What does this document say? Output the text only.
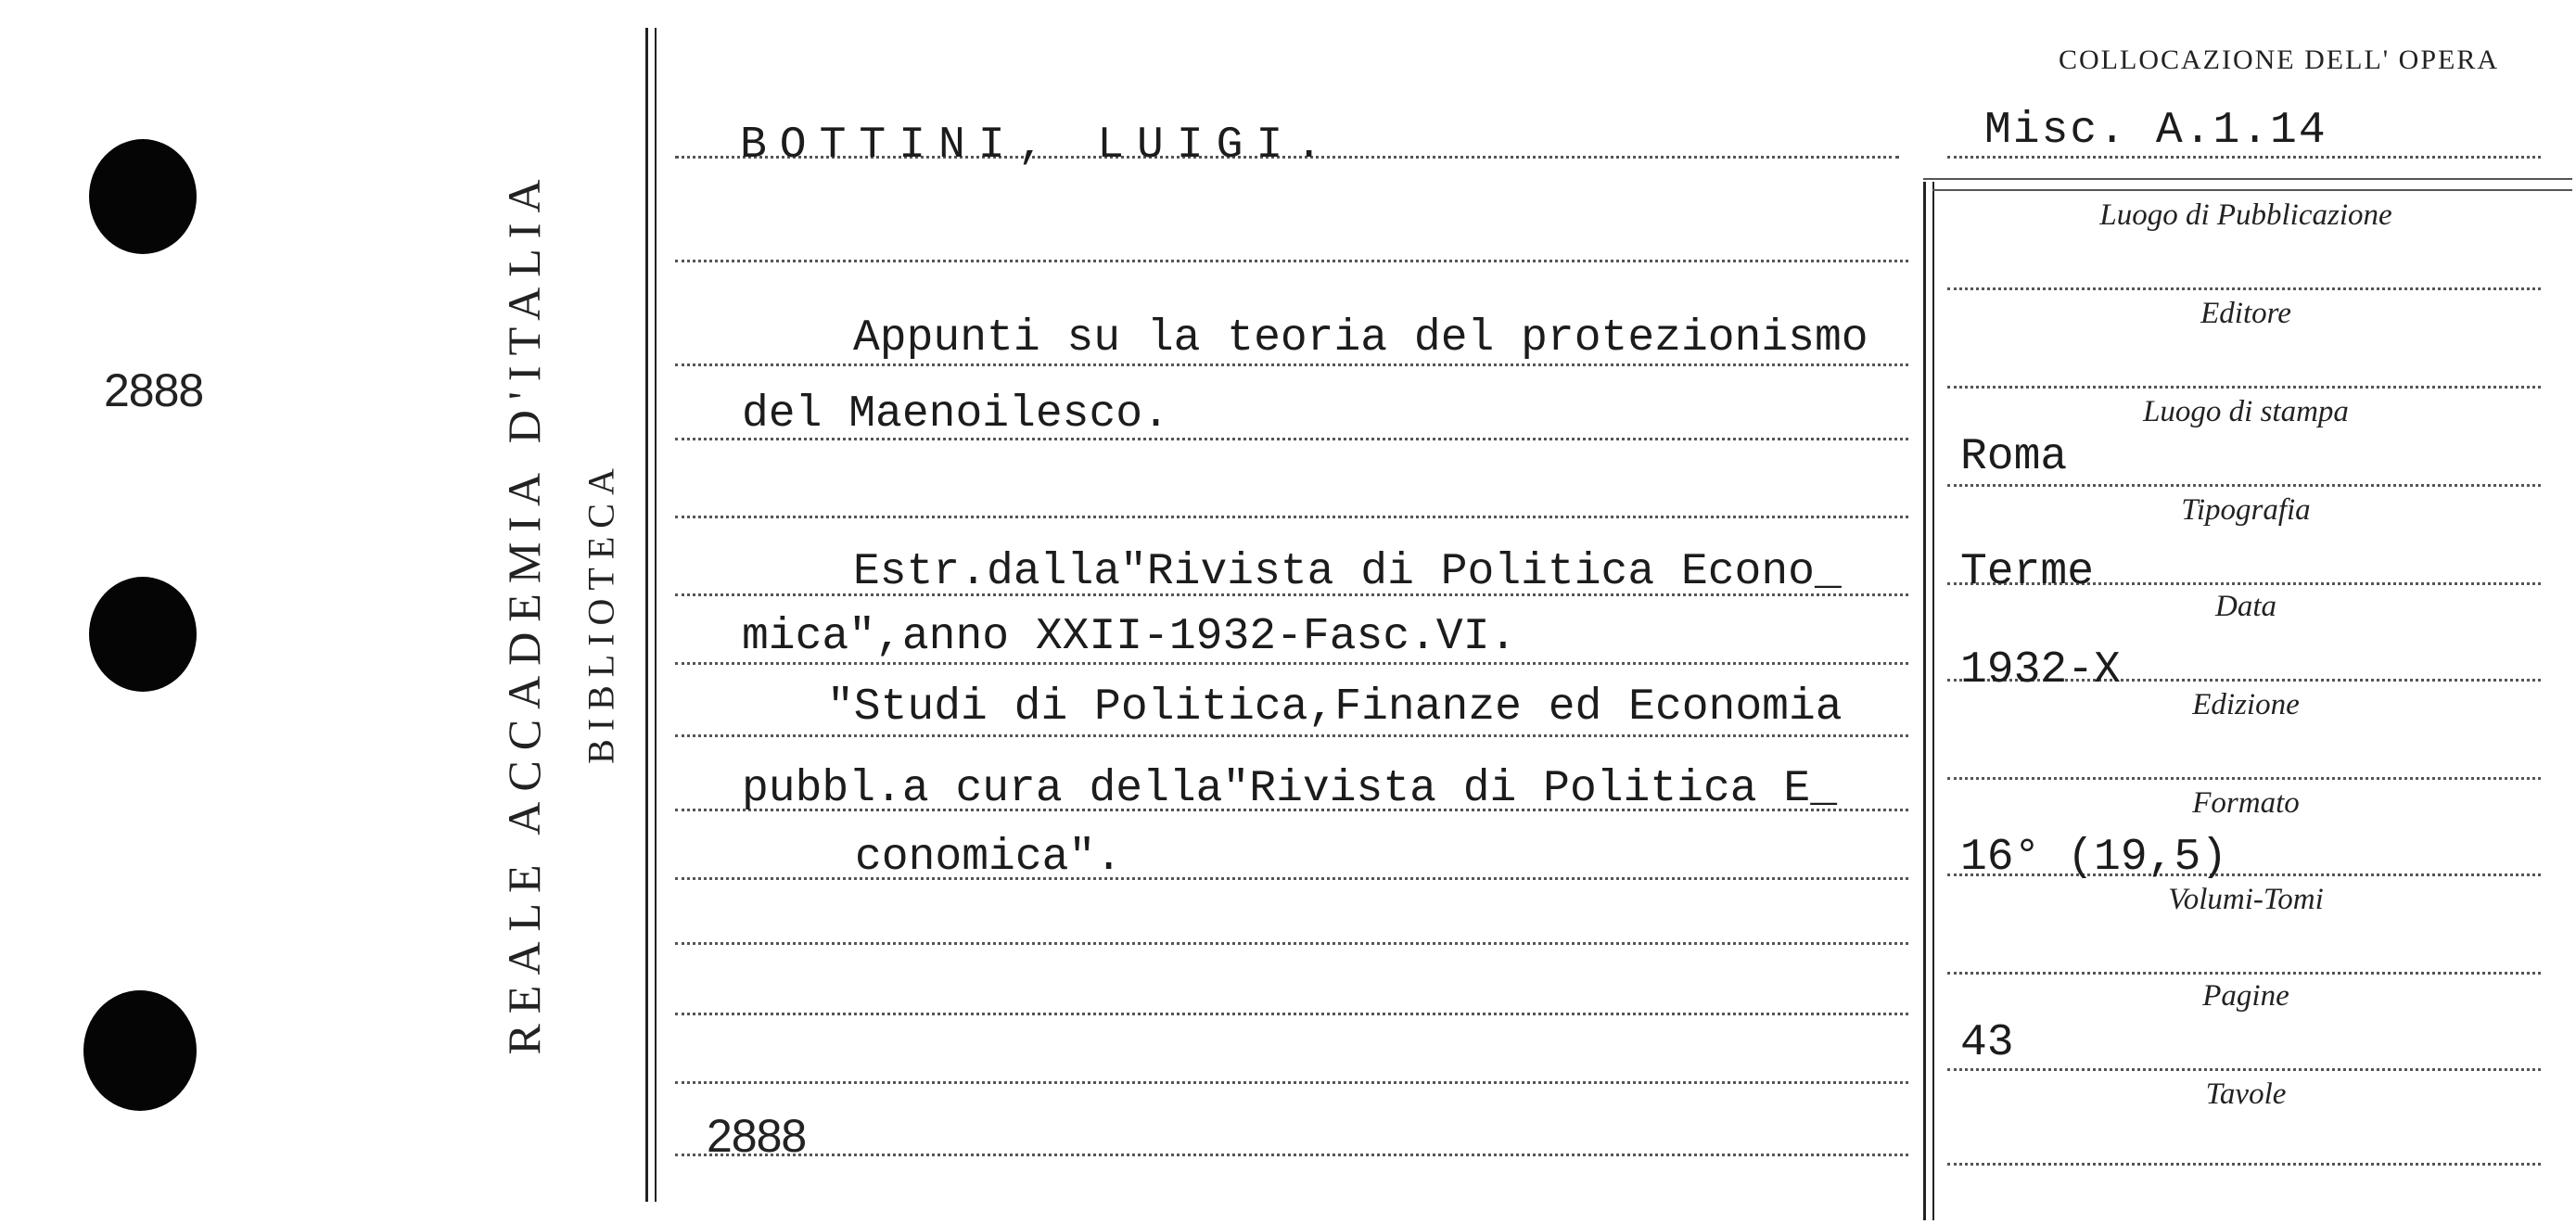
2888	REALE ACCADEMIA D'ITALIA BIBLIOTECA
COLLOCAZIONE DELL' OPERA
Misc. A.1.14
BOTTINI, LUIGI.
Appunti su la teoria del protezionismo
del Maenoilesco.
Estr.dalla"Rivista di Politica Econo_
mica",anno XXII-1932-Fasc.VI.
"Studi di Politica,Finanze ed Economia
pubbl.a cura della"Rivista di Politica E_
conomica".
2888
Luogo di Pubblicazione
Editore
Luogo di stampa
Tipografia
Data
Edizione
Formato
Volumi-Tomi
Pagine
Tavole
Roma
Terme
1932-X
16° (19,5)
43
